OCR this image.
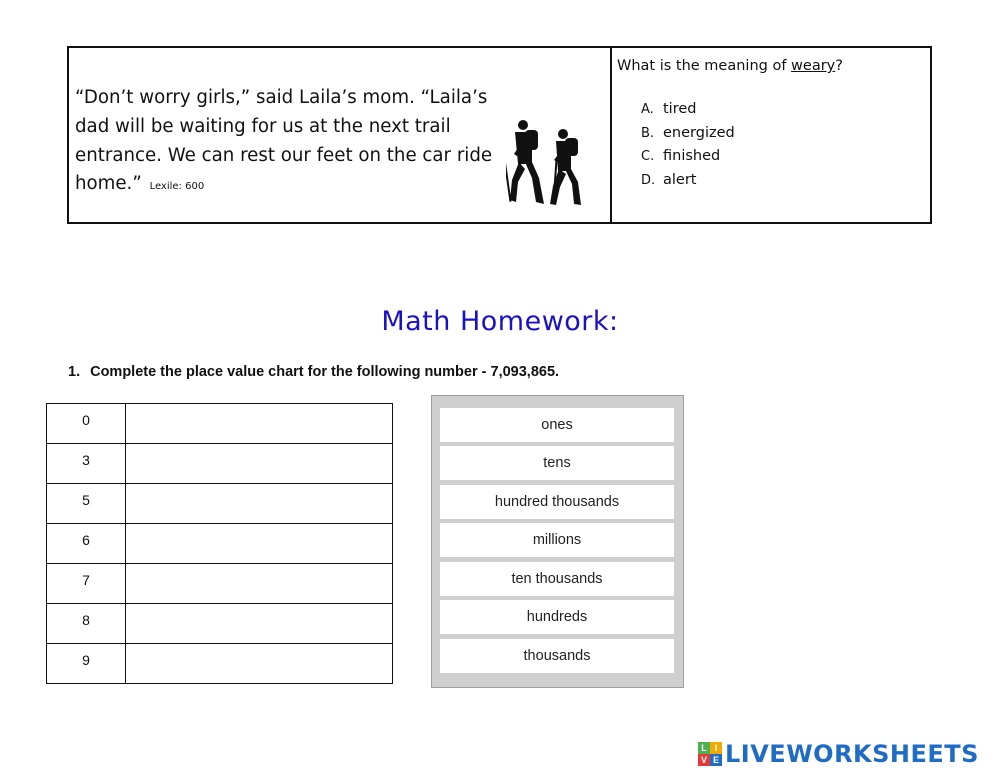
“Don’t worry girls,” said Laila’s mom. “Laila’s dad will be waiting for us at the next trail entrance. We can rest our feet on the car ride home.” Lexile: 600
What is the meaning of weary?
A. tired
B. energized
C. finished
D. alert
Math Homework:
1. Complete the place value chart for the following number - 7,093,865.
0	
3	
5	
6	
7	
8	
9	
ones
tens
hundred thousands
millions
ten thousands
hundreds
thousands
L I
V E LIVEWORKSHEETS
